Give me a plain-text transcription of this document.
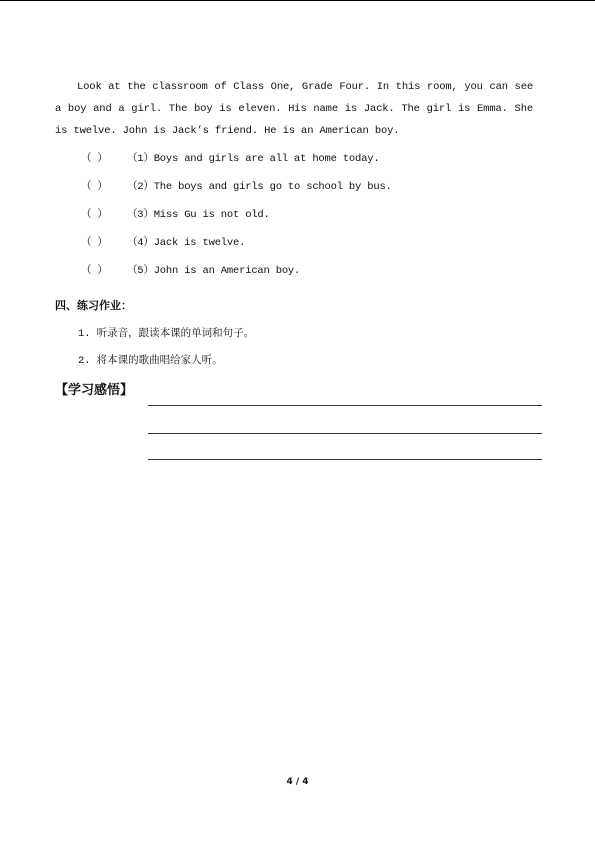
Look at the classroom of Class One, Grade Four. In this room, you can see a boy and a girl. The boy is eleven. His name is Jack. The girl is Emma. She is twelve. John is Jack’s friend. He is an American boy.

（ ） （1）Boys and girls are all at home today.
（ ） （2）The boys and girls go to school by bus.
（ ） （3）Miss Gu is not old.
（ ） （4）Jack is twelve.
（ ） （5）John is an American boy.
四、练习作业：
1. 听录音，跟读本课的单词和句子。
2. 将本课的歌曲唱给家人听。
【学习感悟】
4 / 4
